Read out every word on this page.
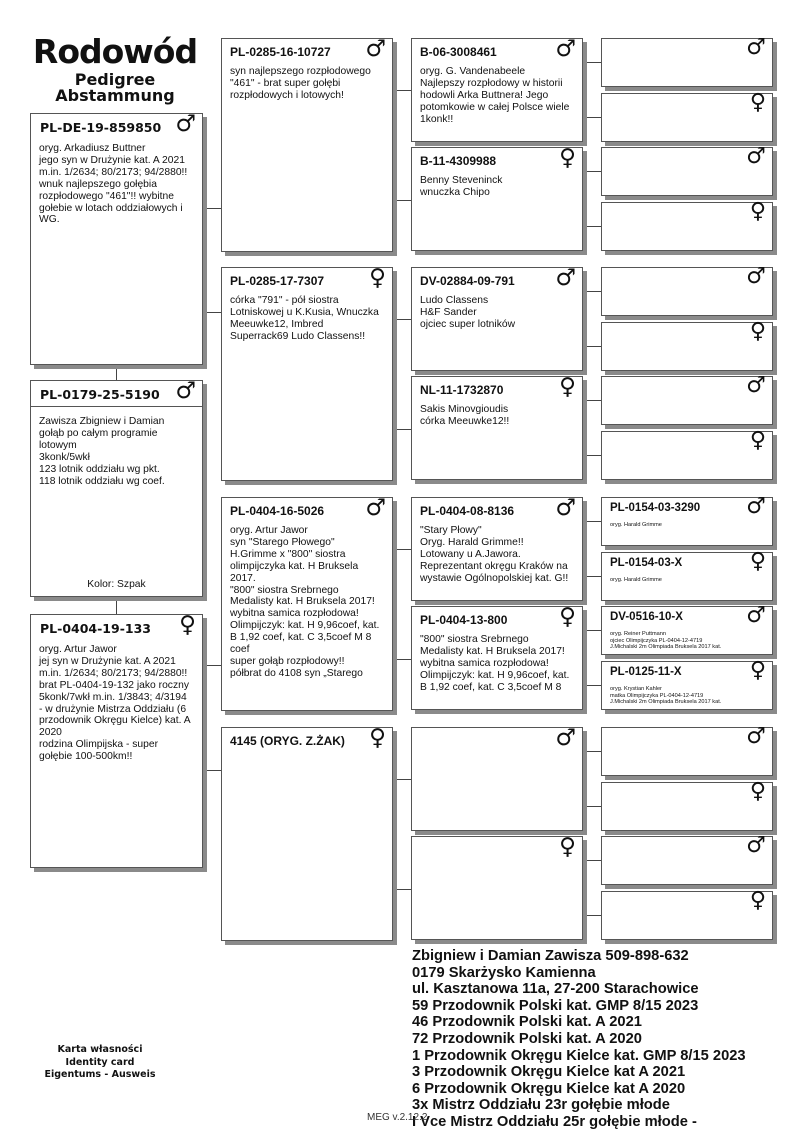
Rodowód
Pedigree
Abstammung
PL-DE-19-859850 ♂
oryg. Arkadiusz Buttner
jego syn w Drużynie kat. A 2021
m.in. 1/2634; 80/2173; 94/2880!!
wnuk najlepszego gołębia
rozpłodowego "461"!! wybitne
gołebie w lotach oddziałowych i
WG.
PL-0179-25-5190 ♂
Zawisza Zbigniew i Damian
gołąb po całym programie
lotowym
3konk/5wkł
123 lotnik oddziału wg pkt.
118 lotnik oddziału wg coef.
Kolor: Szpak
PL-0404-19-133 ♀
oryg. Artur Jawor
jej syn w Drużynie kat. A 2021
m.in. 1/2634; 80/2173; 94/2880!!
brat PL-0404-19-132 jako roczny
5konk/7wkł m.in. 1/3843; 4/3194
- w drużynie Mistrza Oddziału (6
przodownik Okręgu Kielce) kat. A
2020
rodzina Olimpijska - super
gołębie 100-500km!!
PL-0285-16-10727 ♂
syn najlepszego rozpłodowego
"461" - brat super gołębi
rozpłodowych i lotowych!
PL-0285-17-7307 ♀
córka "791" - pół siostra
Lotniskowej u K.Kusia, Wnuczka
Meeuwke12, Imbred
Superrack69 Ludo Classens!!
PL-0404-16-5026 ♂
oryg. Artur Jawor
syn "Starego Płowego"
H.Grimme x "800" siostra
olimpijczyka kat. H Bruksela
2017.
"800" siostra Srebrnego
Medalisty kat. H Bruksela 2017!
wybitna samica rozpłodowa!
Olimpijczyk: kat. H 9,96coef, kat.
B 1,92 coef, kat. C 3,5coef M 8
coef
super gołąb rozpłodowy!!
półbrat do 4108 syn „Starego
4145 (ORYG. Z.ŻAK) ♀
B-06-3008461	♂
oryg. G. Vandenabeele
Najlepszy rozpłodowy w historii
hodowli Arka Buttnera! Jego
potomkowie w całej Polsce wiele
1konk!!
B-11-4309988	♀
Benny Steveninck
wnuczka Chipo
DV-02884-09-791 ♂
Ludo Classens
H&F Sander
ojciec super lotników
NL-11-1732870 ♀
Sakis Minovgioudis
córka Meeuwke12!!
PL-0404-08-8136 ♂
"Stary Płowy"
Oryg. Harald Grimme!!
Lotowany u A.Jawora.
Reprezentant okręgu Kraków na
wystawie Ogólnopolskiej kat. G!!
PL-0404-13-800 ♀
"800" siostra Srebrnego
Medalisty kat. H Bruksela 2017!
wybitna samica rozpłodowa!
Olimpijczyk: kat. H 9,96coef, kat.
B 1,92 coef, kat. C 3,5coef M 8
♂
♀
♂
♀
♂
♀
♂
♀
♂
♀
PL-0154-03-3290 ♂
oryg. Harald Grimme
PL-0154-03-X	♀
oryg. Harald Grimme
DV-0516-10-X	♂
oryg. Reiner Puttmann
ojciec Olimpijczyka PL-0404-12-4719
J.Michalski 2m Olimpiada Bruksela 2017 kat.
PL-0125-11-X	♀
oryg. Krystian Kahler
matka Olimpijczyka PL-0404-12-4719
J.Michalski 2m Olimpiada Bruksela 2017 kat.
♂
♀
♂
♀
Zbigniew i Damian Zawisza 509-898-632
0179 Skarżysko Kamienna
ul. Kasztanowa 11a, 27-200 Starachowice
59 Przodownik Polski kat. GMP 8/15 2023
46 Przodownik Polski kat. A 2021
72 Przodownik Polski kat. A 2020
1 Przodownik Okręgu Kielce kat. GMP 8/15 2023
3 Przodownik Okręgu Kielce kat A 2021
6 Przodownik Okręgu Kielce kat A 2020
3x Mistrz Oddziału 23r gołębie młode
I Vce Mistrz Oddziału 25r gołębie młode -
Karta własności
Identity card
Eigentums - Ausweis
MEG v.2.12.2
